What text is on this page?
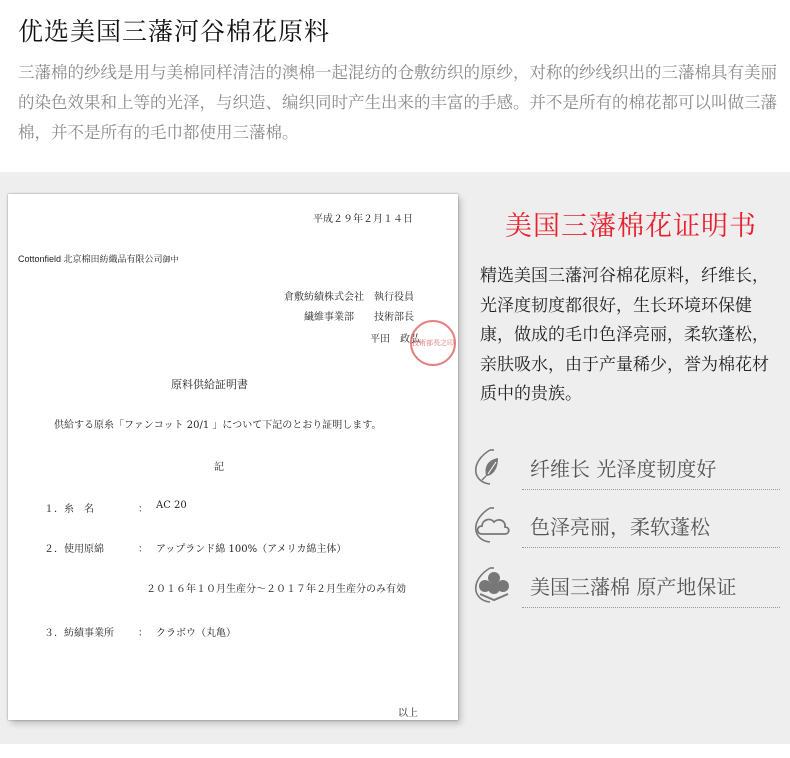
优选美国三藩河谷棉花原料
三藩棉的纱线是用与美棉同样清洁的澳棉一起混纺的仓敷纺织的原纱，对称的纱线织出的三藩棉具有美丽的染色效果和上等的光泽，与织造、编织同时产生出来的丰富的手感。并不是所有的棉花都可以叫做三藩棉，并不是所有的毛巾都使用三藩棉。
平成２９年２月１４日
Cottonfield 北京棉田紡織品有限公司御中
倉敷紡績株式会社　執行役員
繊維事業部　　技術部長
平田　政弘
技術部長之印
原料供給証明書
供給する原糸「ファンコット 20/1 」について下記のとおり証明します。
記
１．糸　名	： AC 20
２．使用原綿	： アップランド綿 100%（アメリカ綿主体）
２０１６年１０月生産分～２０１７年２月生産分のみ有効
３．紡績事業所 ： クラボウ（丸亀）
以上
美国三藩棉花证明书
精选美国三藩河谷棉花原料，纤维长，光泽度韧度都很好，生长环境环保健康，做成的毛巾色泽亮丽，柔软蓬松，亲肤吸水，由于产量稀少，誉为棉花材质中的贵族。
纤维长 光泽度韧度好
色泽亮丽，柔软蓬松
美国三藩棉 原产地保证
